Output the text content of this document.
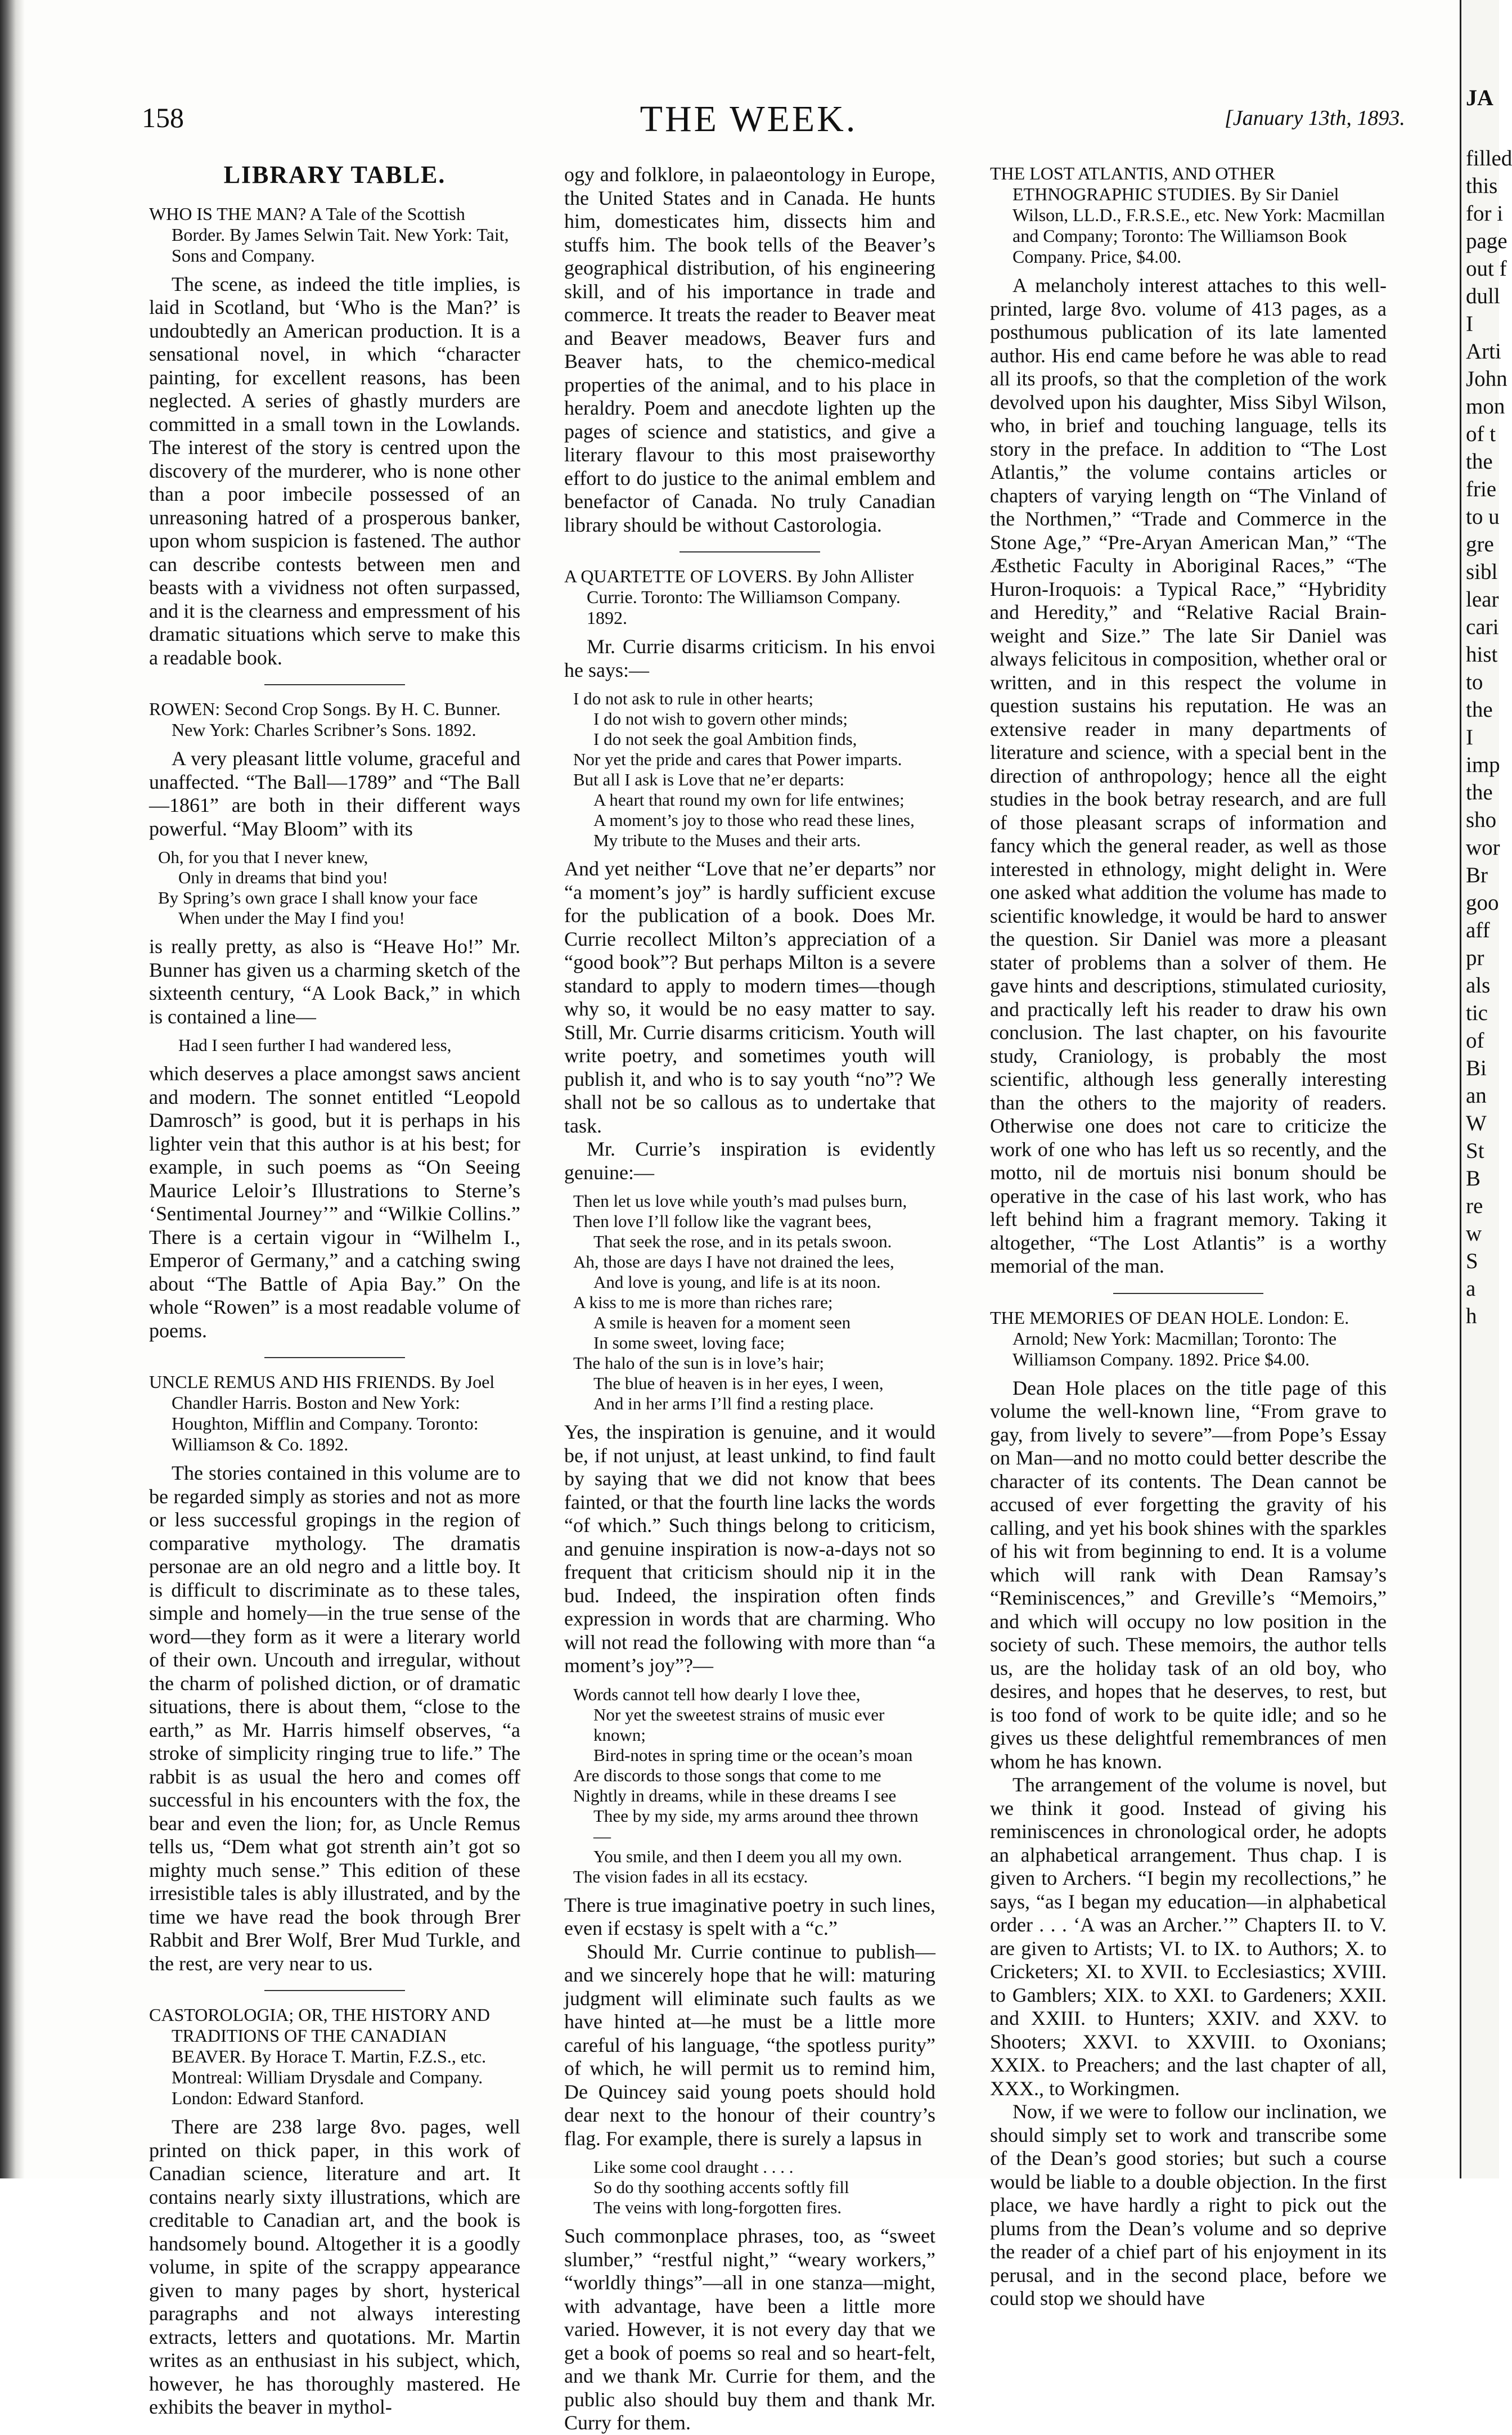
158	THE WEEK.	[January 13th, 1893.
LIBRARY TABLE.
WHO IS THE MAN? A Tale of the Scottish Border. By James Selwin Tait. New York: Tait, Sons and Company.

The scene, as indeed the title implies, is laid in Scotland, but ‘Who is the Man?’ is undoubtedly an American production. It is a sensational novel, in which “character painting, for excellent reasons, has been neglected. A series of ghastly murders are committed in a small town in the Lowlands. The interest of the story is centred upon the discovery of the murderer, who is none other than a poor imbecile possessed of an unreasoning hatred of a prosperous banker, upon whom suspicion is fastened. The author can describe contests between men and beasts with a vividness not often surpassed, and it is the clearness and empressment of his dramatic situations which serve to make this a readable book.

ROWEN: Second Crop Songs. By H. C. Bunner. New York: Charles Scribner’s Sons. 1892.

A very pleasant little volume, graceful and unaffected. “The Ball—1789” and “The Ball—1861” are both in their different ways powerful. “May Bloom” with its

Oh, for you that I never knew,
Only in dreams that bind you!
By Spring’s own grace I shall know your face
When under the May I find you!

is really pretty, as also is “Heave Ho!” Mr. Bunner has given us a charming sketch of the sixteenth century, “A Look Back,” in which is contained a line—

Had I seen further I had wandered less,

which deserves a place amongst saws ancient and modern. The sonnet entitled “Leopold Damrosch” is good, but it is perhaps in his lighter vein that this author is at his best; for example, in such poems as “On Seeing Maurice Leloir’s Illustrations to Sterne’s ‘Sentimental Journey’” and “Wilkie Collins.” There is a certain vigour in “Wilhelm I., Emperor of Germany,” and a catching swing about “The Battle of Apia Bay.” On the whole “Rowen” is a most readable volume of poems.

UNCLE REMUS AND HIS FRIENDS. By Joel Chandler Harris. Boston and New York: Houghton, Mifflin and Company. Toronto: Williamson & Co. 1892.

The stories contained in this volume are to be regarded simply as stories and not as more or less successful gropings in the region of comparative mythology. The dramatis personae are an old negro and a little boy. It is difficult to discriminate as to these tales, simple and homely—in the true sense of the word—they form as it were a literary world of their own. Uncouth and irregular, without the charm of polished diction, or of dramatic situations, there is about them, “close to the earth,” as Mr. Harris himself observes, “a stroke of simplicity ringing true to life.” The rabbit is as usual the hero and comes off successful in his encounters with the fox, the bear and even the lion; for, as Uncle Remus tells us, “Dem what got strenth ain’t got so mighty much sense.” This edition of these irresistible tales is ably illustrated, and by the time we have read the book through Brer Rabbit and Brer Wolf, Brer Mud Turkle, and the rest, are very near to us.

CASTOROLOGIA; OR, THE HISTORY AND TRADITIONS OF THE CANADIAN BEAVER. By Horace T. Martin, F.Z.S., etc. Montreal: William Drysdale and Company. London: Edward Stanford.

There are 238 large 8vo. pages, well printed on thick paper, in this work of Canadian science, literature and art. It contains nearly sixty illustrations, which are creditable to Canadian art, and the book is handsomely bound. Altogether it is a goodly volume, in spite of the scrappy appearance given to many pages by short, hysterical paragraphs and not always interesting extracts, letters and quotations. Mr. Martin writes as an enthusiast in his subject, which, however, he has thoroughly mastered. He exhibits the beaver in mythol-

ogy and folklore, in palaeontology in Europe, the United States and in Canada. He hunts him, domesticates him, dissects him and stuffs him. The book tells of the Beaver’s geographical distribution, of his engineering skill, and of his importance in trade and commerce. It treats the reader to Beaver meat and Beaver meadows, Beaver furs and Beaver hats, to the chemico-medical properties of the animal, and to his place in heraldry. Poem and anecdote lighten up the pages of science and statistics, and give a literary flavour to this most praiseworthy effort to do justice to the animal emblem and benefactor of Canada. No truly Canadian library should be without Castorologia.

A QUARTETTE OF LOVERS. By John Allister Currie. Toronto: The Williamson Company. 1892.

Mr. Currie disarms criticism. In his envoi he says:—

I do not ask to rule in other hearts;
I do not wish to govern other minds;
I do not seek the goal Ambition finds,
Nor yet the pride and cares that Power imparts.
But all I ask is Love that ne’er departs:
A heart that round my own for life entwines;
A moment’s joy to those who read these lines,
My tribute to the Muses and their arts.

And yet neither “Love that ne’er departs” nor “a moment’s joy” is hardly sufficient excuse for the publication of a book. Does Mr. Currie recollect Milton’s appreciation of a “good book”? But perhaps Milton is a severe standard to apply to modern times—though why so, it would be no easy matter to say. Still, Mr. Currie disarms criticism. Youth will write poetry, and sometimes youth will publish it, and who is to say youth “no”? We shall not be so callous as to undertake that task.

Mr. Currie’s inspiration is evidently genuine:—

Then let us love while youth’s mad pulses burn,
Then love I’ll follow like the vagrant bees,
That seek the rose, and in its petals swoon.
Ah, those are days I have not drained the lees,
And love is young, and life is at its noon.
A kiss to me is more than riches rare;
A smile is heaven for a moment seen
In some sweet, loving face;
The halo of the sun is in love’s hair;
The blue of heaven is in her eyes, I ween,
And in her arms I’ll find a resting place.

Yes, the inspiration is genuine, and it would be, if not unjust, at least unkind, to find fault by saying that we did not know that bees fainted, or that the fourth line lacks the words “of which.” Such things belong to criticism, and genuine inspiration is now-a-days not so frequent that criticism should nip it in the bud. Indeed, the inspiration often finds expression in words that are charming. Who will not read the following with more than “a moment’s joy”?—

Words cannot tell how dearly I love thee,
Nor yet the sweetest strains of music ever known;
Bird-notes in spring time or the ocean’s moan
Are discords to those songs that come to me
Nightly in dreams, while in these dreams I see
Thee by my side, my arms around thee thrown—
You smile, and then I deem you all my own.
The vision fades in all its ecstacy.

There is true imaginative poetry in such lines, even if ecstasy is spelt with a “c.”

Should Mr. Currie continue to publish—and we sincerely hope that he will: maturing judgment will eliminate such faults as we have hinted at—he must be a little more careful of his language, “the spotless purity” of which, he will permit us to remind him, De Quincey said young poets should hold dear next to the honour of their country’s flag. For example, there is surely a lapsus in

Like some cool draught . . . .
So do thy soothing accents softly fill
The veins with long-forgotten fires.

Such commonplace phrases, too, as “sweet slumber,” “restful night,” “weary workers,” “worldly things”—all in one stanza—might, with advantage, have been a little more varied. However, it is not every day that we get a book of poems so real and so heart-felt, and we thank Mr. Currie for them, and the public also should buy them and thank Mr. Curry for them.

THE LOST ATLANTIS, AND OTHER ETHNOGRAPHIC STUDIES. By Sir Daniel Wilson, LL.D., F.R.S.E., etc. New York: Macmillan and Company; Toronto: The Williamson Book Company. Price, $4.00.

A melancholy interest attaches to this well-printed, large 8vo. volume of 413 pages, as a posthumous publication of its late lamented author. His end came before he was able to read all its proofs, so that the completion of the work devolved upon his daughter, Miss Sibyl Wilson, who, in brief and touching language, tells its story in the preface. In addition to “The Lost Atlantis,” the volume contains articles or chapters of varying length on “The Vinland of the Northmen,” “Trade and Commerce in the Stone Age,” “Pre-Aryan American Man,” “The Æsthetic Faculty in Aboriginal Races,” “The Huron-Iroquois: a Typical Race,” “Hybridity and Heredity,” and “Relative Racial Brain-weight and Size.” The late Sir Daniel was always felicitous in composition, whether oral or written, and in this respect the volume in question sustains his reputation. He was an extensive reader in many departments of literature and science, with a special bent in the direction of anthropology; hence all the eight studies in the book betray research, and are full of those pleasant scraps of information and fancy which the general reader, as well as those interested in ethnology, might delight in. Were one asked what addition the volume has made to scientific knowledge, it would be hard to answer the question. Sir Daniel was more a pleasant stater of problems than a solver of them. He gave hints and descriptions, stimulated curiosity, and practically left his reader to draw his own conclusion. The last chapter, on his favourite study, Craniology, is probably the most scientific, although less generally interesting than the others to the majority of readers. Otherwise one does not care to criticize the work of one who has left us so recently, and the motto, nil de mortuis nisi bonum should be operative in the case of his last work, who has left behind him a fragrant memory. Taking it altogether, “The Lost Atlantis” is a worthy memorial of the man.

THE MEMORIES OF DEAN HOLE. London: E. Arnold; New York: Macmillan; Toronto: The Williamson Company. 1892. Price $4.00.

Dean Hole places on the title page of this volume the well-known line, “From grave to gay, from lively to severe”—from Pope’s Essay on Man—and no motto could better describe the character of its contents. The Dean cannot be accused of ever forgetting the gravity of his calling, and yet his book shines with the sparkles of his wit from beginning to end. It is a volume which will rank with Dean Ramsay’s “Reminiscences,” and Greville’s “Memoirs,” and which will occupy no low position in the society of such. These memoirs, the author tells us, are the holiday task of an old boy, who desires, and hopes that he deserves, to rest, but is too fond of work to be quite idle; and so he gives us these delightful remembrances of men whom he has known.

The arrangement of the volume is novel, but we think it good. Instead of giving his reminiscences in chronological order, he adopts an alphabetical arrangement. Thus chap. I is given to Archers. “I begin my recollections,” he says, “as I began my education—in alphabetical order . . . ‘A was an Archer.’” Chapters II. to V. are given to Artists; VI. to IX. to Authors; X. to Cricketers; XI. to XVII. to Ecclesiastics; XVIII. to Gamblers; XIX. to XXI. to Gardeners; XXII. and XXIII. to Hunters; XXIV. and XXV. to Shooters; XXVI. to XXVIII. to Oxonians; XXIX. to Preachers; and the last chapter of all, XXX., to Workingmen.

Now, if we were to follow our inclination, we should simply set to work and transcribe some of the Dean’s good stories; but such a course would be liable to a double objection. In the first place, we have hardly a right to pick out the plums from the Dean’s volume and so deprive the reader of a chief part of his enjoyment in its perusal, and in the second place, before we could stop we should have

JA
filled
this
for i
page
out f
dull
I
Arti
John
mon
of t
the
frie
to u
gre
sibl
lear
cari
hist
to
the
I
imp
the
sho
wor
Br
goo
aff
pr
als
tic
of
Bi
an
W
St
B
re
w
S
a
h
